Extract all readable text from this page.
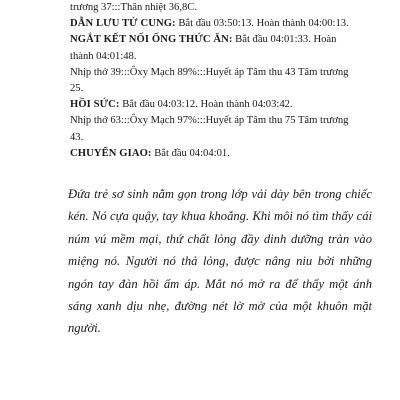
trương 37:::Thân nhiệt 36,8C.

DẪN LƯU TỬ CUNG: Bắt đầu 03:50:13. Hoàn thành 04:00:13.

NGẮT KẾT NỐI ỐNG THỨC ĂN: Bắt đầu 04:01:33. Hoàn thành 04:01:48.

Nhịp thở 39:::Ôxy Mạch 89%:::Huyết áp Tâm thu 43 Tâm trương 25.

HỒI SỨC: Bắt đầu 04:03:12. Hoàn thành 04:03:42.

Nhịp thở 63:::Ôxy Mạch 97%:::Huyết áp Tâm thu 75 Tâm trương 43.

CHUYỂN GIAO: Bắt đầu 04:04:01.

Đứa trẻ sơ sinh nằm gọn trong lớp vải dày bên trong chiếc kén. Nó cựa quậy, tay khua khoắng. Khi môi nó tìm thấy cái núm vú mềm mại, thứ chất lỏng đầy dinh dưỡng tràn vào miệng nó. Người nó thả lỏng, được nâng niu bởi những ngón tay đàn hồi ấm áp. Mắt nó mở ra để thấy một ánh sáng xanh dịu nhẹ, đường nét lờ mờ của một khuôn mặt người.
